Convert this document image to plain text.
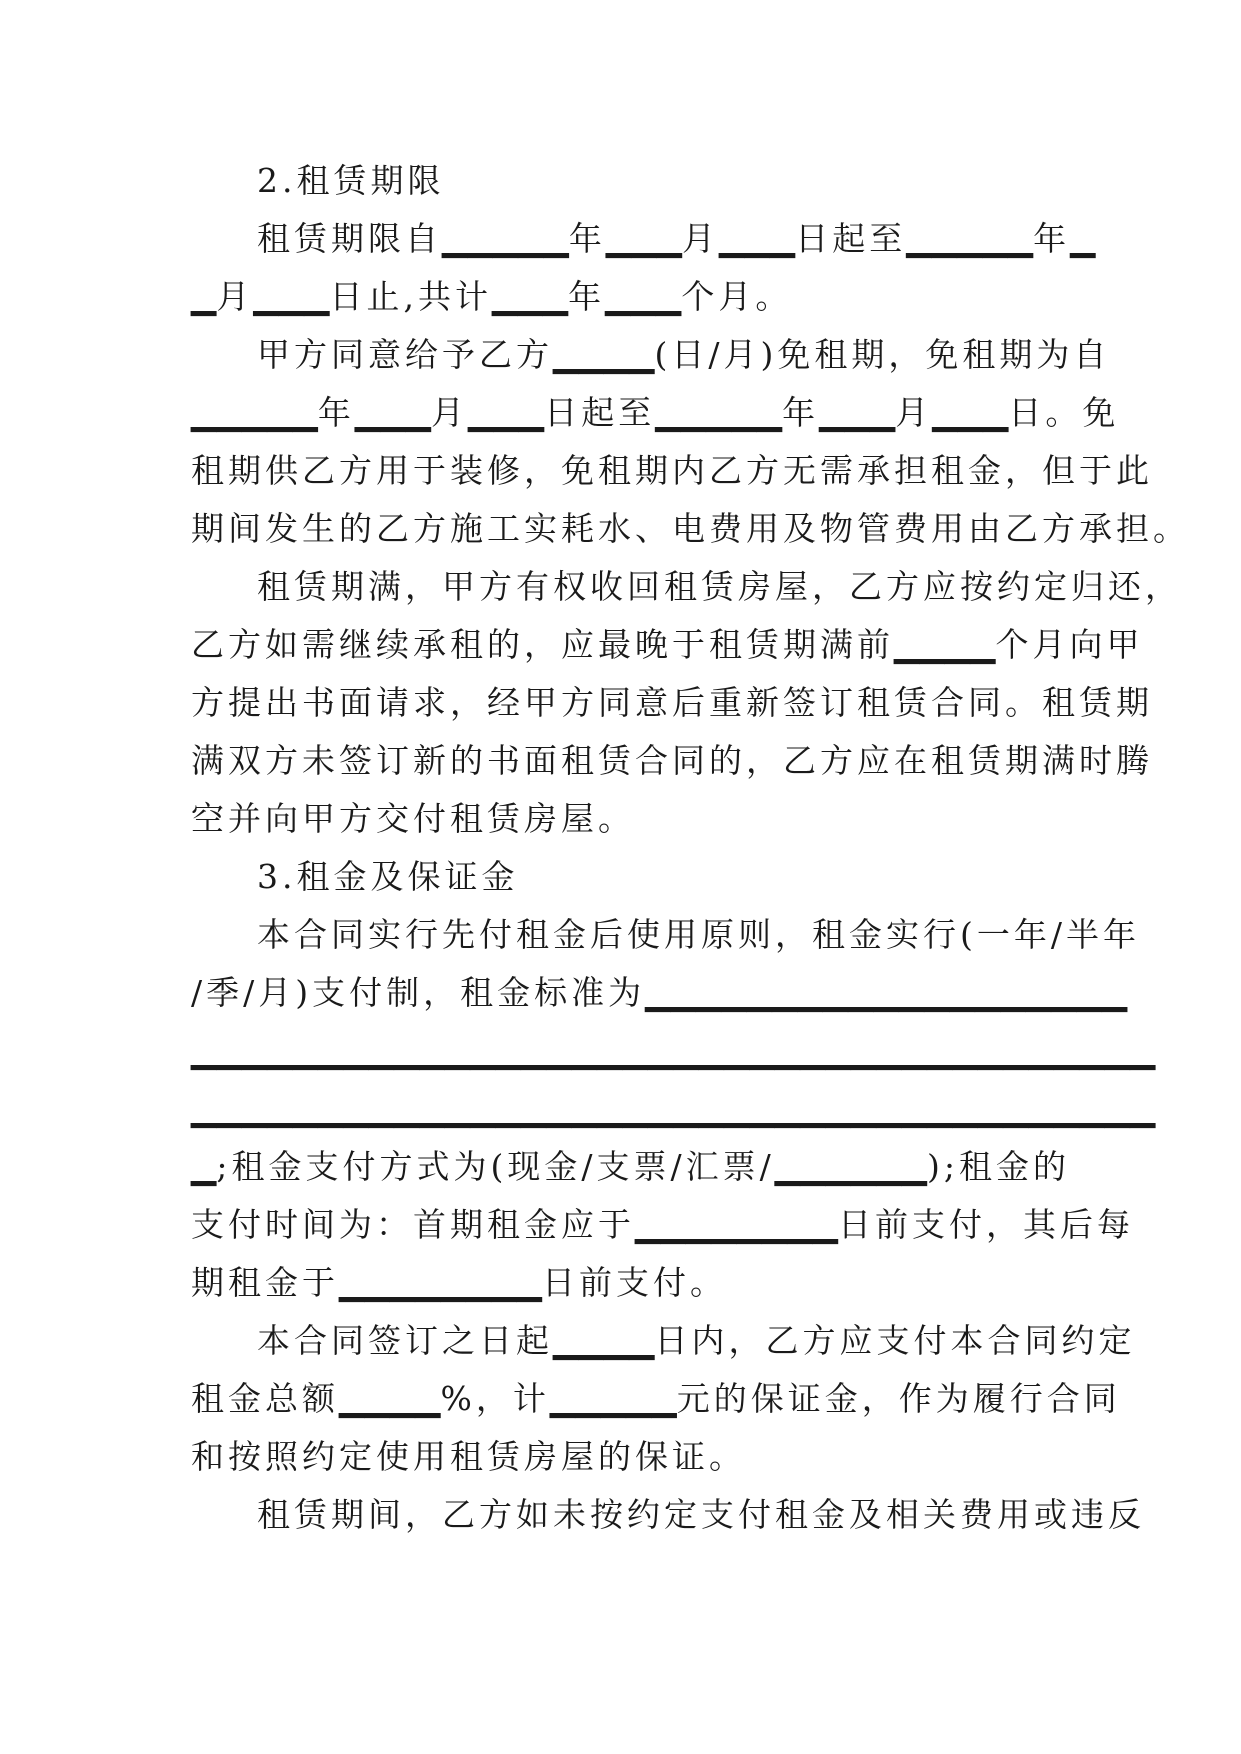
2.租赁期限
租赁期限自▁▁▁▁▁年▁▁▁月▁▁▁日起至▁▁▁▁▁年▁
▁月▁▁▁日止,共计▁▁▁年▁▁▁个月。
甲方同意给予乙方▁▁▁▁(日/月)免租期，免租期为自
▁▁▁▁▁年▁▁▁月▁▁▁日起至▁▁▁▁▁年▁▁▁月▁▁▁日。免
租期供乙方用于装修，免租期内乙方无需承担租金，但于此
期间发生的乙方施工实耗水、电费用及物管费用由乙方承担。
租赁期满，甲方有权收回租赁房屋，乙方应按约定归还，
乙方如需继续承租的，应最晚于租赁期满前▁▁▁▁个月向甲
方提出书面请求，经甲方同意后重新签订租赁合同。租赁期
满双方未签订新的书面租赁合同的，乙方应在租赁期满时腾
空并向甲方交付租赁房屋。
3.租金及保证金
本合同实行先付租金后使用原则，租金实行(一年/半年
/季/月)支付制，租金标准为▁▁▁▁▁▁▁▁▁▁▁▁▁▁▁▁▁▁▁
▁▁▁▁▁▁▁▁▁▁▁▁▁▁▁▁▁▁▁▁▁▁▁▁▁▁▁▁▁▁▁▁▁▁▁▁▁▁
▁▁▁▁▁▁▁▁▁▁▁▁▁▁▁▁▁▁▁▁▁▁▁▁▁▁▁▁▁▁▁▁▁▁▁▁▁▁
▁;租金支付方式为(现金/支票/汇票/▁▁▁▁▁▁);租金的
支付时间为：首期租金应于▁▁▁▁▁▁▁▁日前支付，其后每
期租金于▁▁▁▁▁▁▁▁日前支付。
本合同签订之日起▁▁▁▁日内，乙方应支付本合同约定
租金总额▁▁▁▁%，计▁▁▁▁▁元的保证金，作为履行合同
和按照约定使用租赁房屋的保证。
租赁期间，乙方如未按约定支付租金及相关费用或违反
